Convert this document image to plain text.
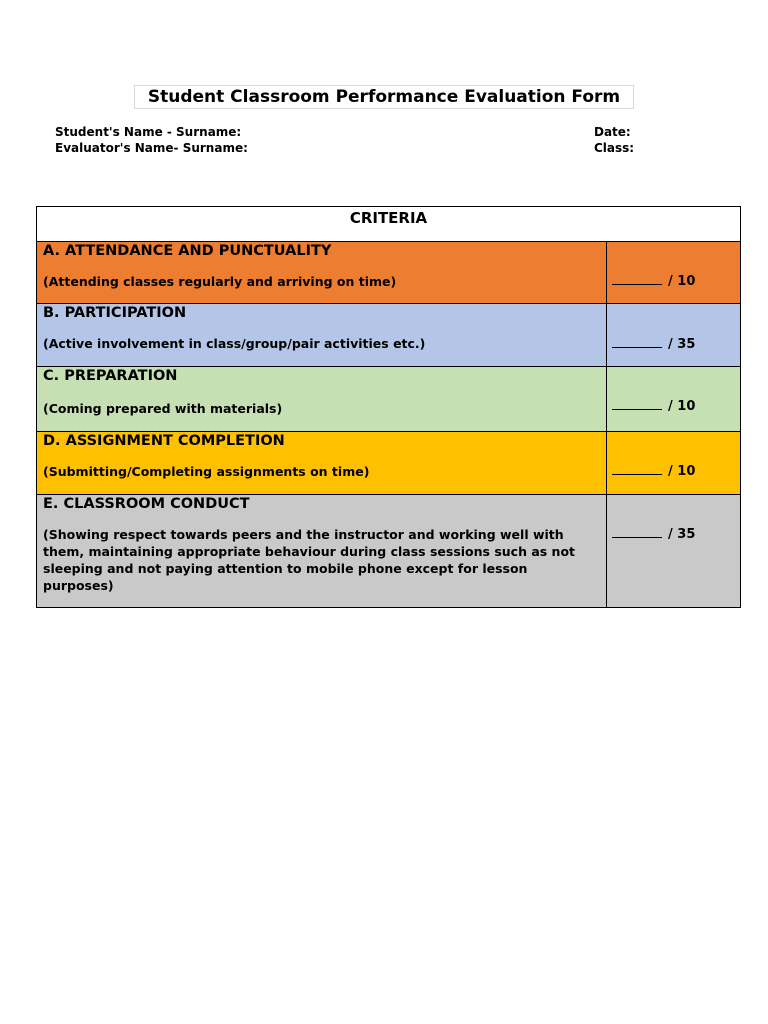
Student Classroom Performance Evaluation Form
Student's Name - Surname:
Evaluator's Name- Surname:
Date:
Class:
CRITERIA
A. ATTENDANCE AND PUNCTUALITY
(Attending classes regularly and arriving on time)	/ 10
B. PARTICIPATION
(Active involvement in class/group/pair activities etc.)	/ 35
C. PREPARATION
(Coming prepared with materials)	/ 10
D. ASSIGNMENT COMPLETION
(Submitting/Completing assignments on time)	/ 10
E. CLASSROOM CONDUCT
(Showing respect towards peers and the instructor and working well with them, maintaining appropriate behaviour during class sessions such as not sleeping and not paying attention to mobile phone except for lesson purposes)
/ 35
